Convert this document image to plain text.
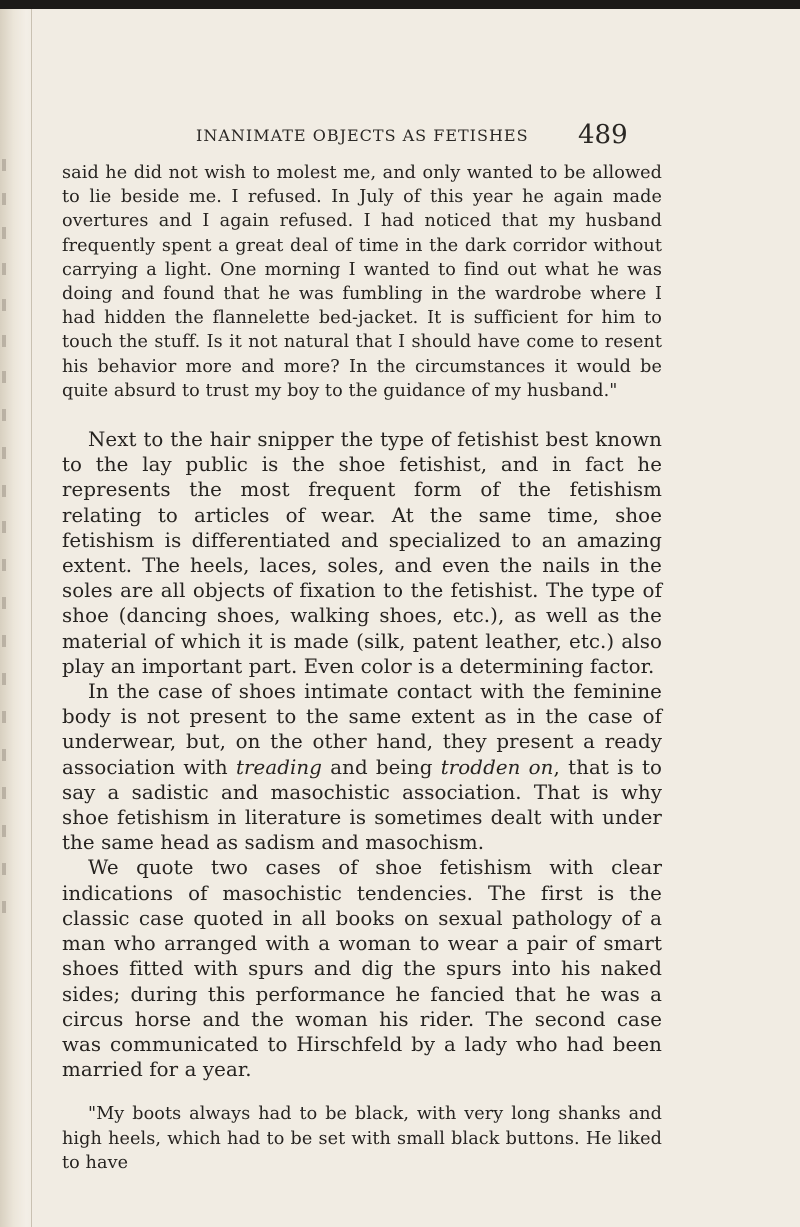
INANIMATE OBJECTS AS FETISHES 489

said he did not wish to molest me, and only wanted to be allowed to lie beside me. I refused. In July of this year he again made overtures and I again refused. I had noticed that my husband frequently spent a great deal of time in the dark corridor without carrying a light. One morning I wanted to find out what he was doing and found that he was fumbling in the wardrobe where I had hidden the flannelette bed-jacket. It is sufficient for him to touch the stuff. Is it not natural that I should have come to resent his behavior more and more? In the circumstances it would be quite absurd to trust my boy to the guidance of my husband."

Next to the hair snipper the type of fetishist best known to the lay public is the shoe fetishist, and in fact he represents the most frequent form of the fetishism relating to articles of wear. At the same time, shoe fetishism is differentiated and specialized to an amazing extent. The heels, laces, soles, and even the nails in the soles are all objects of fixation to the fetishist. The type of shoe (dancing shoes, walking shoes, etc.), as well as the material of which it is made (silk, patent leather, etc.) also play an important part. Even color is a determining factor.

In the case of shoes intimate contact with the feminine body is not present to the same extent as in the case of underwear, but, on the other hand, they present a ready association with treading and being trodden on, that is to say a sadistic and masochistic association. That is why shoe fetishism in literature is sometimes dealt with under the same head as sadism and masochism.

We quote two cases of shoe fetishism with clear indications of masochistic tendencies. The first is the classic case quoted in all books on sexual pathology of a man who arranged with a woman to wear a pair of smart shoes fitted with spurs and dig the spurs into his naked sides; during this performance he fancied that he was a circus horse and the woman his rider. The second case was communicated to Hirschfeld by a lady who had been married for a year.

"My boots always had to be black, with very long shanks and high heels, which had to be set with small black buttons. He liked to have
